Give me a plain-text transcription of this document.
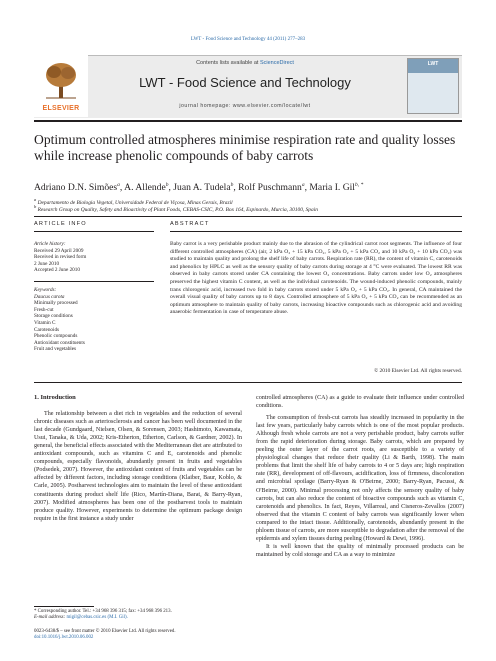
LWT - Food Science and Technology 44 (2011) 277–283
ELSEVIER
Contents lists available at ScienceDirect
LWT - Food Science and Technology
journal homepage: www.elsevier.com/locate/lwt
LWT
Optimum controlled atmospheres minimise respiration rate and quality losses while increase phenolic compounds of baby carrots
Adriano D.N. Simões$^a$, A. Allende$^b$, Juan A. Tudela$^b$, Rolf Puschmann$^a$, Maria I. Gil$^{b, *}$
$^a$ Departamento de Biologia Vegetal, Universidade Federal de Viçosa, Minas Gerais, Brazil
$^b$ Research Group on Quality, Safety and Bioactivity of Plant Foods, CEBAS-CSIC, P.O. Box 164, Espinardo, Murcia, 30100, Spain
ARTICLE INFO	ABSTRACT
Article history:
Received 29 April 2009
Received in revised form
2 June 2010
Accepted 2 June 2010
Keywords:
Daucus carota
Minimally processed
Fresh-cut
Storage conditions
Vitamin C
Carotenoids
Phenolic compounds
Antioxidant constituents
Fruit and vegetables
Baby carrot is a very perishable product mainly due to the abrasion of the cylindrical carrot root segments. The influence of four different controlled atmospheres (CA) (air, 2 kPa O₂ + 15 kPa CO₂, 5 kPa O₂ + 5 kPa CO₂ and 10 kPa O₂ + 10 kPa CO₂) was studied to maintain quality and prolong the shelf life of baby carrots. Respiration rate (RR), the content of vitamin C, carotenoids and phenolics by HPLC as well as the sensory quality of baby carrots during storage at 4 °C were evaluated. The lowest RR was observed in baby carrots stored under CA containing the lowest O₂ concentrations. Baby carrots under low O₂ atmospheres preserved the highest vitamin C content, as well as the individual carotenoids. The wound-induced phenolic compounds, mainly trans chlorogenic acid, increased two fold in baby carrots stored under 5 kPa O₂ + 5 kPa CO₂. In general, CA maintained the overall visual quality of baby carrots up to 8 days. Controlled atmosphere of 5 kPa O₂ + 5 kPa CO₂ can be recommended as an optimum atmosphere to maintain quality of baby carrots, increasing bioactive compounds such as chlorogenic acid and avoiding anaerobic fermentation in case of temperature abuse.
© 2010 Elsevier Ltd. All rights reserved.
1. Introduction
The relationship between a diet rich in vegetables and the reduction of several chronic diseases such as arteriosclerosis and cancer has been well documented in the last decade (Gundgaard, Nielsen, Olsen, & Sorensen, 2003; Hashimoto, Kawamata, Usui, Tanaka, & Uda, 2002; Kris-Etherton, Etherton, Carlson, & Gardner, 2002). In general, the beneficial effects associated with the Mediterranean diet are attributed to antioxidant compounds, such as vitamins C and E, carotenoids and phenolic compounds, especially flavonoids, abundantly present in fruits and vegetables (Podsedek, 2007). However, the antioxidant content of fruits and vegetables can be affected by different factors, including storage conditions (Klaiber, Baur, Koblo, & Carle, 2005). Postharvest technologies aim to maintain the level of these antioxidant constituents during product shelf life (Rico, Martín-Diana, Barat, & Barry-Ryan, 2007). Modified atmospheres has been one of the postharvest tools to maintain produce quality. However, experiments to determine the optimum package design require in the first instance a study under
controlled atmospheres (CA) as a guide to evaluate their influence under controlled conditions.
The consumption of fresh-cut carrots has steadily increased in popularity in the last few years, particularly baby carrots which is one of the most popular products. Although fresh whole carrots are not a very perishable product, baby carrots suffer from the rapid deterioration during storage. Baby carrots, which are prepared by peeling the outer layer of the carrot roots, are susceptible to a variety of physiological changes that reduce their quality (Li & Barth, 1998). The main problems that limit the shelf life of baby carrots to 4 or 5 days are; high respiration rate (RR), development of off-flavours, acidification, loss of firmness, discoloration and microbial spoilage (Barry-Ryan & O'Beirne, 2000; Barry-Ryan, Pacussi, & O'Beirne, 2000). Minimal processing not only affects the sensory quality of baby carrots, but can also reduce the content of bioactive compounds such as vitamin C, carotenoids and phenolics. In fact, Reyes, Villarreal, and Cisneros-Zevallos (2007) observed that the vitamin C content of baby carrots was significantly lower when compared to the intact tissue. Additionally, carotenoids, abundantly present in the phloem tissue of carrots, are more susceptible to degradation after the removal of the epidermis and xylem tissues during peeling (Howard & Dewi, 1996).
It is well known that the quality of minimally processed products can be maintained by cold storage and CA as a way to minimize
* Corresponding author. Tel.: +34 968 396 315; fax: +34 968 396 213.
E-mail address: migil@cebas.csic.es (M.I. Gil).
0023-6438/$ – see front matter © 2010 Elsevier Ltd. All rights reserved.
doi:10.1016/j.lwt.2010.06.002
